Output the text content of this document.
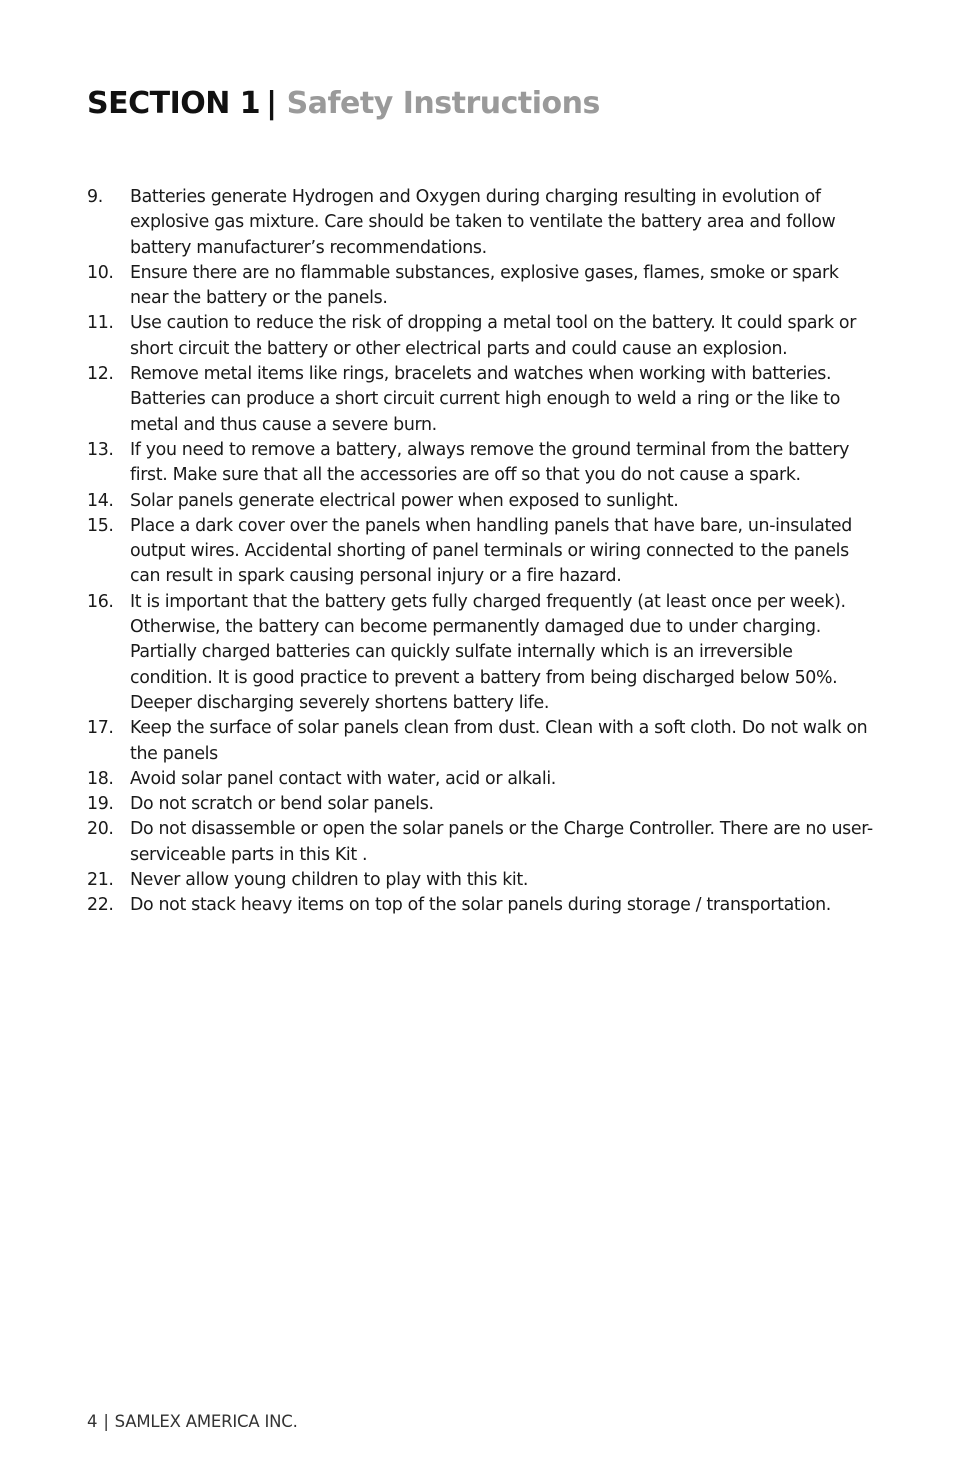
SECTION 1 | Safety Instructions
9.	Batteries generate Hydrogen and Oxygen during charging resulting in evolution of explosive gas mixture. Care should be taken to ventilate the battery area and follow battery manufacturer’s recommendations.
10. Ensure there are no flammable substances, explosive gases, flames, smoke or spark near the battery or the panels.
11. Use caution to reduce the risk of dropping a metal tool on the battery. It could spark or short circuit the battery or other electrical parts and could cause an explosion.
12. Remove metal items like rings, bracelets and watches when working with batteries. Batteries can produce a short circuit current high enough to weld a ring or the like to metal and thus cause a severe burn.
13. If you need to remove a battery, always remove the ground terminal from the battery first. Make sure that all the accessories are off so that you do not cause a spark.
14. Solar panels generate electrical power when exposed to sunlight.
15. Place a dark cover over the panels when handling panels that have bare, un-insulated output wires. Accidental shorting of panel terminals or wiring connected to the panels can result in spark causing personal injury or a fire hazard.
16. It is important that the battery gets fully charged frequently (at least once per week). Otherwise, the battery can become permanently damaged due to under charging. Partially charged batteries can quickly sulfate internally which is an irreversible condition. It is good practice to prevent a battery from being discharged below 50%. Deeper discharging severely shortens battery life.
17. Keep the surface of solar panels clean from dust. Clean with a soft cloth. Do not walk on the panels
18. Avoid solar panel contact with water, acid or alkali.
19. Do not scratch or bend solar panels.
20. Do not disassemble or open the solar panels or the Charge Controller. There are no user-serviceable parts in this Kit .
21. Never allow young children to play with this kit.
22. Do not stack heavy items on top of the solar panels during storage / transportation.
4 | SAMLEX AMERICA INC.
